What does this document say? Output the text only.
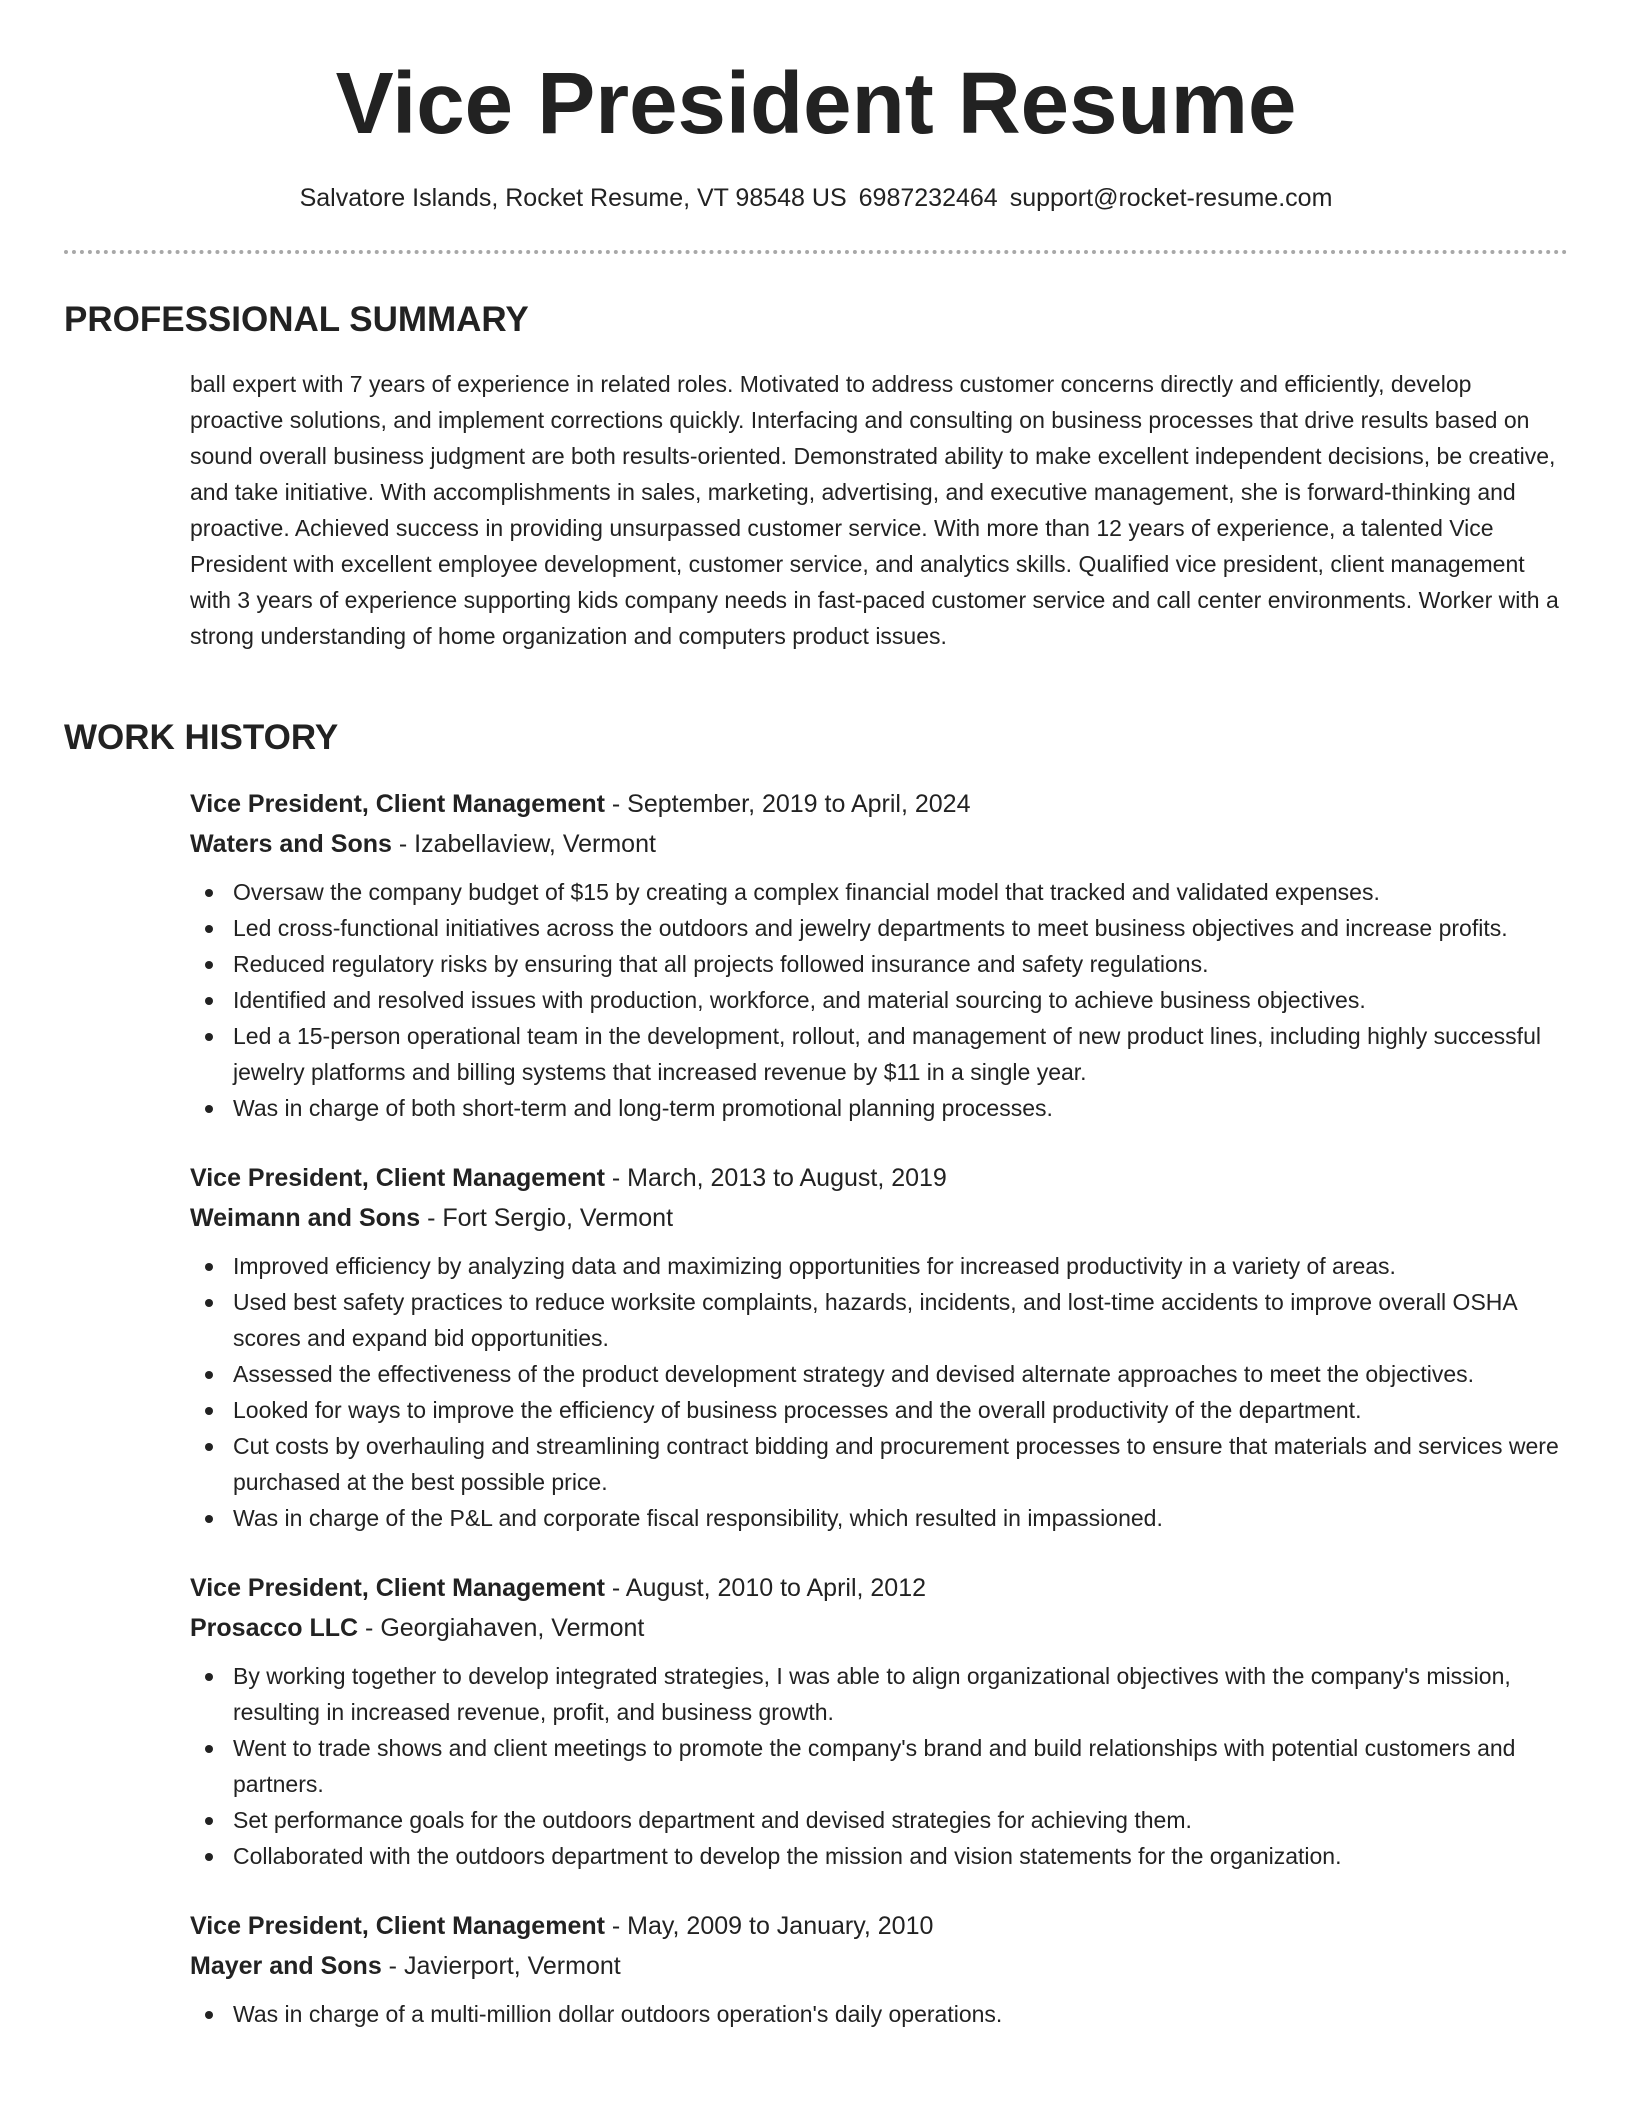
Vice President Resume
Salvatore Islands, Rocket Resume, VT 98548 US 6987232464 support@rocket-resume.com
PROFESSIONAL SUMMARY

ball expert with 7 years of experience in related roles. Motivated to address customer concerns directly and efficiently, develop proactive solutions, and implement corrections quickly. Interfacing and consulting on business processes that drive results based on sound overall business judgment are both results-oriented. Demonstrated ability to make excellent independent decisions, be creative, and take initiative. With accomplishments in sales, marketing, advertising, and executive management, she is forward-thinking and proactive. Achieved success in providing unsurpassed customer service. With more than 12 years of experience, a talented Vice President with excellent employee development, customer service, and analytics skills. Qualified vice president, client management with 3 years of experience supporting kids company needs in fast-paced customer service and call center environments. Worker with a strong understanding of home organization and computers product issues.

WORK HISTORY
Vice President, Client Management - September, 2019 to April, 2024
Waters and Sons - Izabellaview, Vermont
Oversaw the company budget of $15 by creating a complex financial model that tracked and validated expenses.
Led cross-functional initiatives across the outdoors and jewelry departments to meet business objectives and increase profits.
Reduced regulatory risks by ensuring that all projects followed insurance and safety regulations.
Identified and resolved issues with production, workforce, and material sourcing to achieve business objectives.
Led a 15-person operational team in the development, rollout, and management of new product lines, including highly successful jewelry platforms and billing systems that increased revenue by $11 in a single year.
Was in charge of both short-term and long-term promotional planning processes.
Vice President, Client Management - March, 2013 to August, 2019
Weimann and Sons - Fort Sergio, Vermont
Improved efficiency by analyzing data and maximizing opportunities for increased productivity in a variety of areas.
Used best safety practices to reduce worksite complaints, hazards, incidents, and lost-time accidents to improve overall OSHA scores and expand bid opportunities.
Assessed the effectiveness of the product development strategy and devised alternate approaches to meet the objectives.
Looked for ways to improve the efficiency of business processes and the overall productivity of the department.
Cut costs by overhauling and streamlining contract bidding and procurement processes to ensure that materials and services were purchased at the best possible price.
Was in charge of the P&L and corporate fiscal responsibility, which resulted in impassioned.
Vice President, Client Management - August, 2010 to April, 2012
Prosacco LLC - Georgiahaven, Vermont
By working together to develop integrated strategies, I was able to align organizational objectives with the company's mission, resulting in increased revenue, profit, and business growth.
Went to trade shows and client meetings to promote the company's brand and build relationships with potential customers and partners.
Set performance goals for the outdoors department and devised strategies for achieving them.
Collaborated with the outdoors department to develop the mission and vision statements for the organization.
Vice President, Client Management - May, 2009 to January, 2010
Mayer and Sons - Javierport, Vermont
Was in charge of a multi-million dollar outdoors operation's daily operations.
